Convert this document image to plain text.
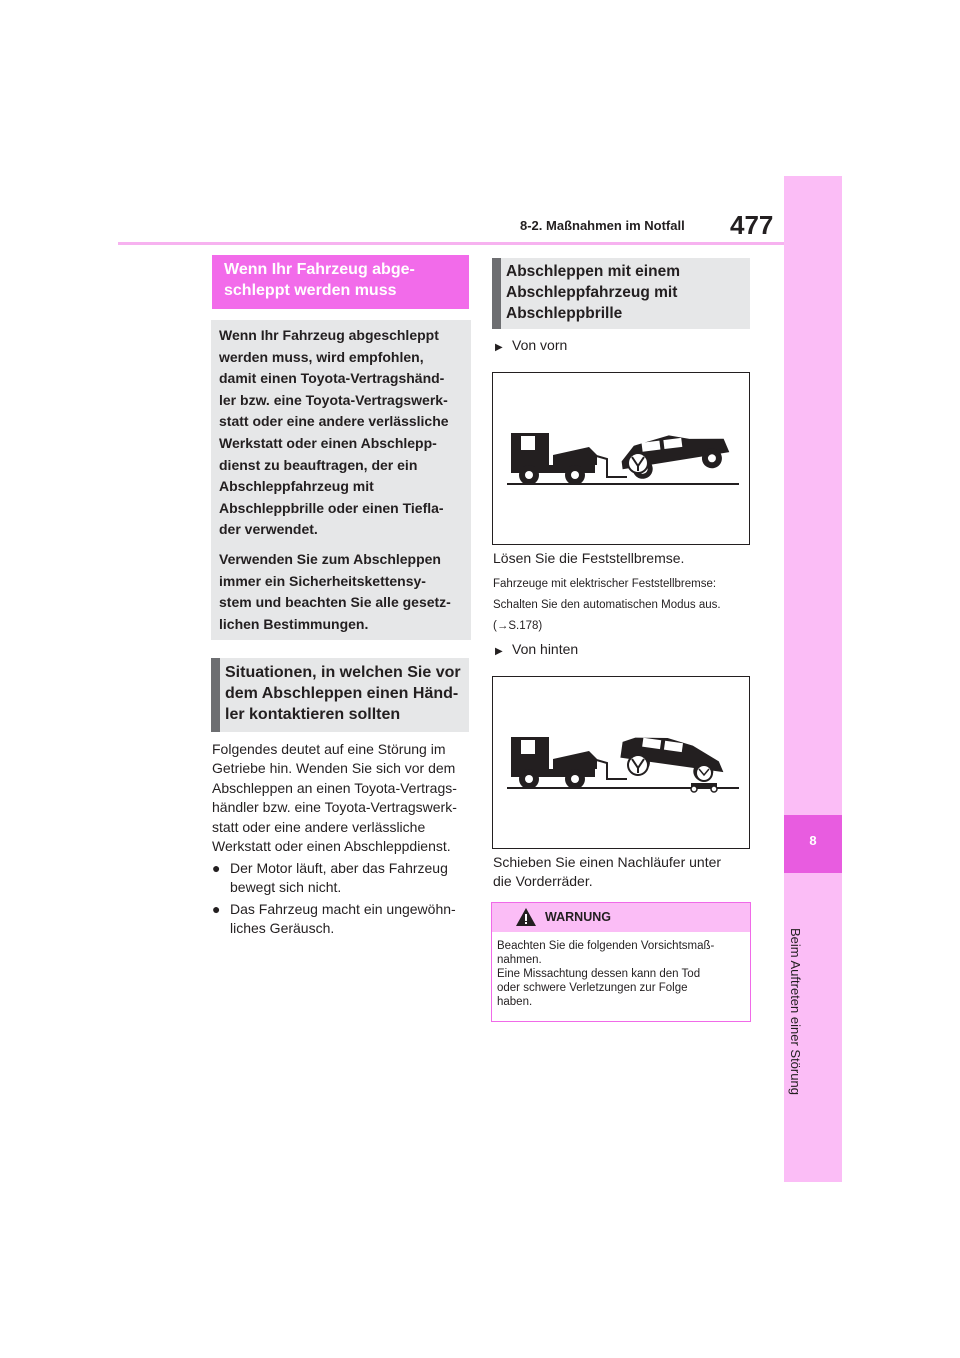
8-2. Maßnahmen im Notfall 477
8
Beim Auftreten einer Störung
Wenn Ihr Fahrzeug abge-
schleppt werden muss

Wenn Ihr Fahrzeug abgeschleppt
werden muss, wird empfohlen,
damit einen Toyota-Vertragshänd-
ler bzw. eine Toyota-Vertragswerk-
statt oder eine andere verlässliche
Werkstatt oder einen Abschlepp-
dienst zu beauftragen, der ein
Abschleppfahrzeug mit
Abschleppbrille oder einen Tiefla-
der verwendet.

Verwenden Sie zum Abschleppen
immer ein Sicherheitskettensy-
stem und beachten Sie alle gesetz-
lichen Bestimmungen.

Situationen, in welchen Sie vor
dem Abschleppen einen Händ-
ler kontaktieren sollten
Folgendes deutet auf eine Störung im
Getriebe hin. Wenden Sie sich vor dem
Abschleppen an einen Toyota-Vertrags-
händler bzw. eine Toyota-Vertragswerk-
statt oder eine andere verlässliche
Werkstatt oder einen Abschleppdienst.
● Der Motor läuft, aber das Fahrzeug
bewegt sich nicht.
● Das Fahrzeug macht ein ungewöhn-
liches Geräusch.
Abschleppen mit einem
Abschleppfahrzeug mit
Abschleppbrille
▶ Von vorn
Lösen Sie die Feststellbremse.
Fahrzeuge mit elektrischer Feststellbremse:
Schalten Sie den automatischen Modus aus.
(→S.178)
▶ Von hinten
Schieben Sie einen Nachläufer unter
die Vorderräder.
WARNUNG
Beachten Sie die folgenden Vorsichtsmaß-
nahmen.
Eine Missachtung dessen kann den Tod
oder schwere Verletzungen zur Folge
haben.
